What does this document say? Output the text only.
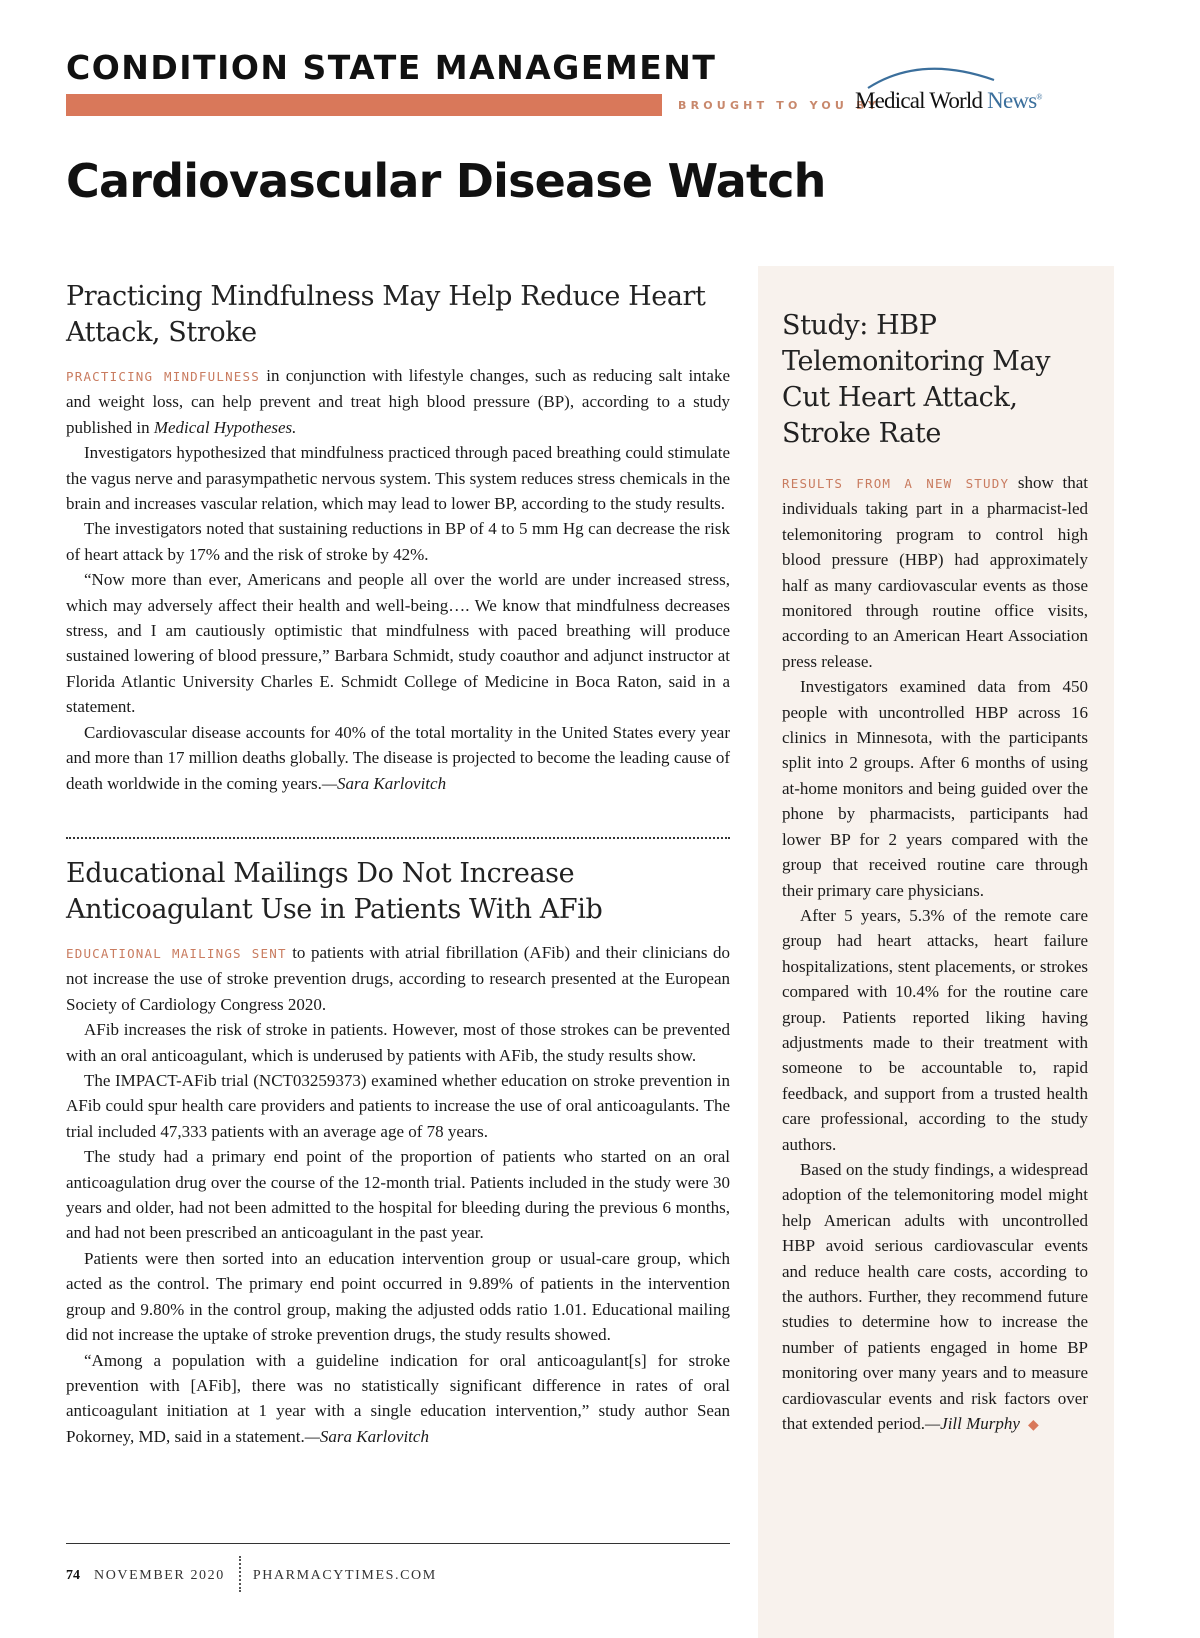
CONDITION STATE MANAGEMENT
BROUGHT TO YOU BY
Medical World News®
Cardiovascular Disease Watch
Practicing Mindfulness May Help Reduce Heart Attack, Stroke

PRACTICING MINDFULNESS in conjunction with lifestyle changes, such as reducing salt intake and weight loss, can help prevent and treat high blood pressure (BP), according to a study published in Medical Hypotheses.

Investigators hypothesized that mindfulness practiced through paced breathing could stimulate the vagus nerve and parasympathetic nervous system. This system reduces stress chemicals in the brain and increases vascular relation, which may lead to lower BP, according to the study results.

The investigators noted that sustaining reductions in BP of 4 to 5 mm Hg can decrease the risk of heart attack by 17% and the risk of stroke by 42%.

“Now more than ever, Americans and people all over the world are under increased stress, which may adversely affect their health and well-being…. We know that mindfulness decreases stress, and I am cautiously optimistic that mindfulness with paced breathing will produce sustained lowering of blood pressure,” Barbara Schmidt, study coauthor and adjunct instructor at Florida Atlantic University Charles E. Schmidt College of Medicine in Boca Raton, said in a statement.

Cardiovascular disease accounts for 40% of the total mortality in the United States every year and more than 17 million deaths globally. The disease is projected to become the leading cause of death worldwide in the coming years.—Sara Karlovitch

Educational Mailings Do Not Increase Anticoagulant Use in Patients With AFib

EDUCATIONAL MAILINGS SENT to patients with atrial fibrillation (AFib) and their clinicians do not increase the use of stroke prevention drugs, according to research presented at the European Society of Cardiology Congress 2020.

AFib increases the risk of stroke in patients. However, most of those strokes can be prevented with an oral anticoagulant, which is underused by patients with AFib, the study results show.

The IMPACT-AFib trial (NCT03259373) examined whether education on stroke prevention in AFib could spur health care providers and patients to increase the use of oral anticoagulants. The trial included 47,333 patients with an average age of 78 years.

The study had a primary end point of the proportion of patients who started on an oral anticoagulation drug over the course of the 12-month trial. Patients included in the study were 30 years and older, had not been admitted to the hospital for bleeding during the previous 6 months, and had not been prescribed an anticoagulant in the past year.

Patients were then sorted into an education intervention group or usual-care group, which acted as the control. The primary end point occurred in 9.89% of patients in the intervention group and 9.80% in the control group, making the adjusted odds ratio 1.01. Educational mailing did not increase the uptake of stroke prevention drugs, the study results showed.

“Among a population with a guideline indication for oral anticoagulant[s] for stroke prevention with [AFib], there was no statistically significant difference in rates of oral anticoagulant initiation at 1 year with a single education intervention,” study author Sean Pokorney, MD, said in a statement.—Sara Karlovitch

Study: HBP Telemonitoring May Cut Heart Attack, Stroke Rate

RESULTS FROM A NEW STUDY show that individuals taking part in a pharmacist-led telemonitoring program to control high blood pressure (HBP) had approximately half as many cardiovascular events as those monitored through routine office visits, according to an American Heart Association press release.

Investigators examined data from 450 people with uncontrolled HBP across 16 clinics in Minnesota, with the participants split into 2 groups. After 6 months of using at-home monitors and being guided over the phone by pharmacists, participants had lower BP for 2 years compared with the group that received routine care through their primary care physicians.

After 5 years, 5.3% of the remote care group had heart attacks, heart failure hospitalizations, stent placements, or strokes compared with 10.4% for the routine care group. Patients reported liking having adjustments made to their treatment with someone to be accountable to, rapid feedback, and support from a trusted health care professional, according to the study authors.

Based on the study findings, a widespread adoption of the telemonitoring model might help American adults with uncontrolled HBP avoid serious cardiovascular events and reduce health care costs, according to the authors. Further, they recommend future studies to determine how to increase the number of patients engaged in home BP monitoring over many years and to measure cardiovascular events and risk factors over that extended period.—Jill Murphy ◆

74 NOVEMBER 2020 PHARMACYTIMES.COM
